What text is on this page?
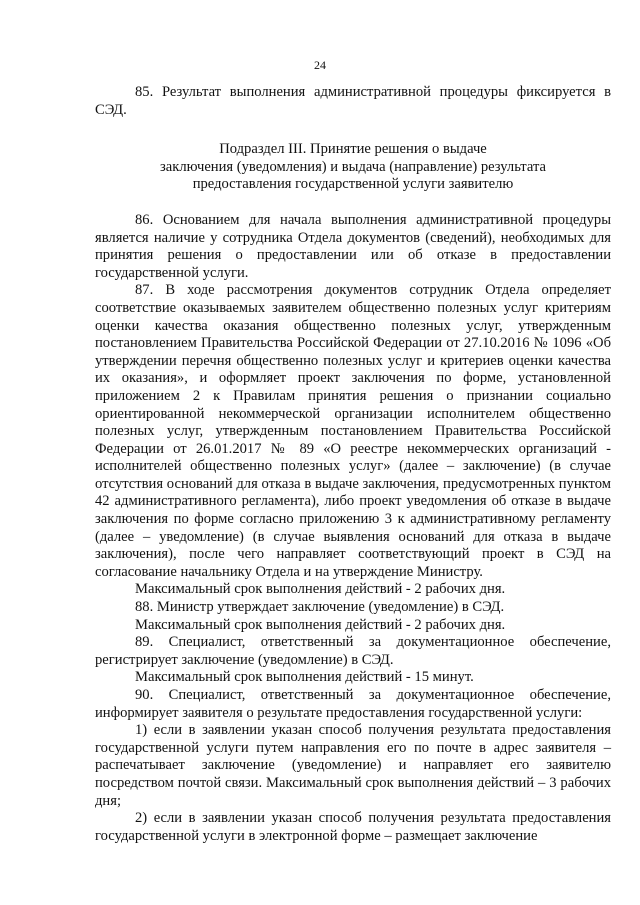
24

85. Результат выполнения административной процедуры фиксируется в СЭД.

Подраздел III. Принятие решения о выдаче

заключения (уведомления) и выдача (направление) результата

предоставления государственной услуги заявителю

86. Основанием для начала выполнения административной процедуры является наличие у сотрудника Отдела документов (сведений), необходимых для принятия решения о предоставлении или об отказе в предоставлении государственной услуги.

87. В ходе рассмотрения документов сотрудник Отдела определяет соответствие оказываемых заявителем общественно полезных услуг критериям оценки качества оказания общественно полезных услуг, утвержденным постановлением Правительства Российской Федерации от 27.10.2016 № 1096 «Об утверждении перечня общественно полезных услуг и критериев оценки качества их оказания», и оформляет проект заключения по форме, установленной приложением 2 к Правилам принятия решения о признании социально ориентированной некоммерческой организации исполнителем общественно полезных услуг, утвержденным постановлением Правительства Российской Федерации от 26.01.2017 № 89 «О реестре некоммерческих организаций - исполнителей общественно полезных услуг» (далее – заключение) (в случае отсутствия оснований для отказа в выдаче заключения, предусмотренных пунктом 42 административного регламента), либо проект уведомления об отказе в выдаче заключения по форме согласно приложению 3 к административному регламенту (далее – уведомление) (в случае выявления оснований для отказа в выдаче заключения), после чего направляет соответствующий проект в СЭД на согласование начальнику Отдела и на утверждение Министру.

Максимальный срок выполнения действий - 2 рабочих дня.

88. Министр утверждает заключение (уведомление) в СЭД.

Максимальный срок выполнения действий - 2 рабочих дня.

89. Специалист, ответственный за документационное обеспечение, регистрирует заключение (уведомление) в СЭД.

Максимальный срок выполнения действий - 15 минут.

90. Специалист, ответственный за документационное обеспечение, информирует заявителя о результате предоставления государственной услуги:

1) если в заявлении указан способ получения результата предоставления государственной услуги путем направления его по почте в адрес заявителя – распечатывает заключение (уведомление) и направляет его заявителю посредством почтой связи. Максимальный срок выполнения действий – 3 рабочих дня;

2) если в заявлении указан способ получения результата предоставления государственной услуги в электронной форме – размещает заключение
